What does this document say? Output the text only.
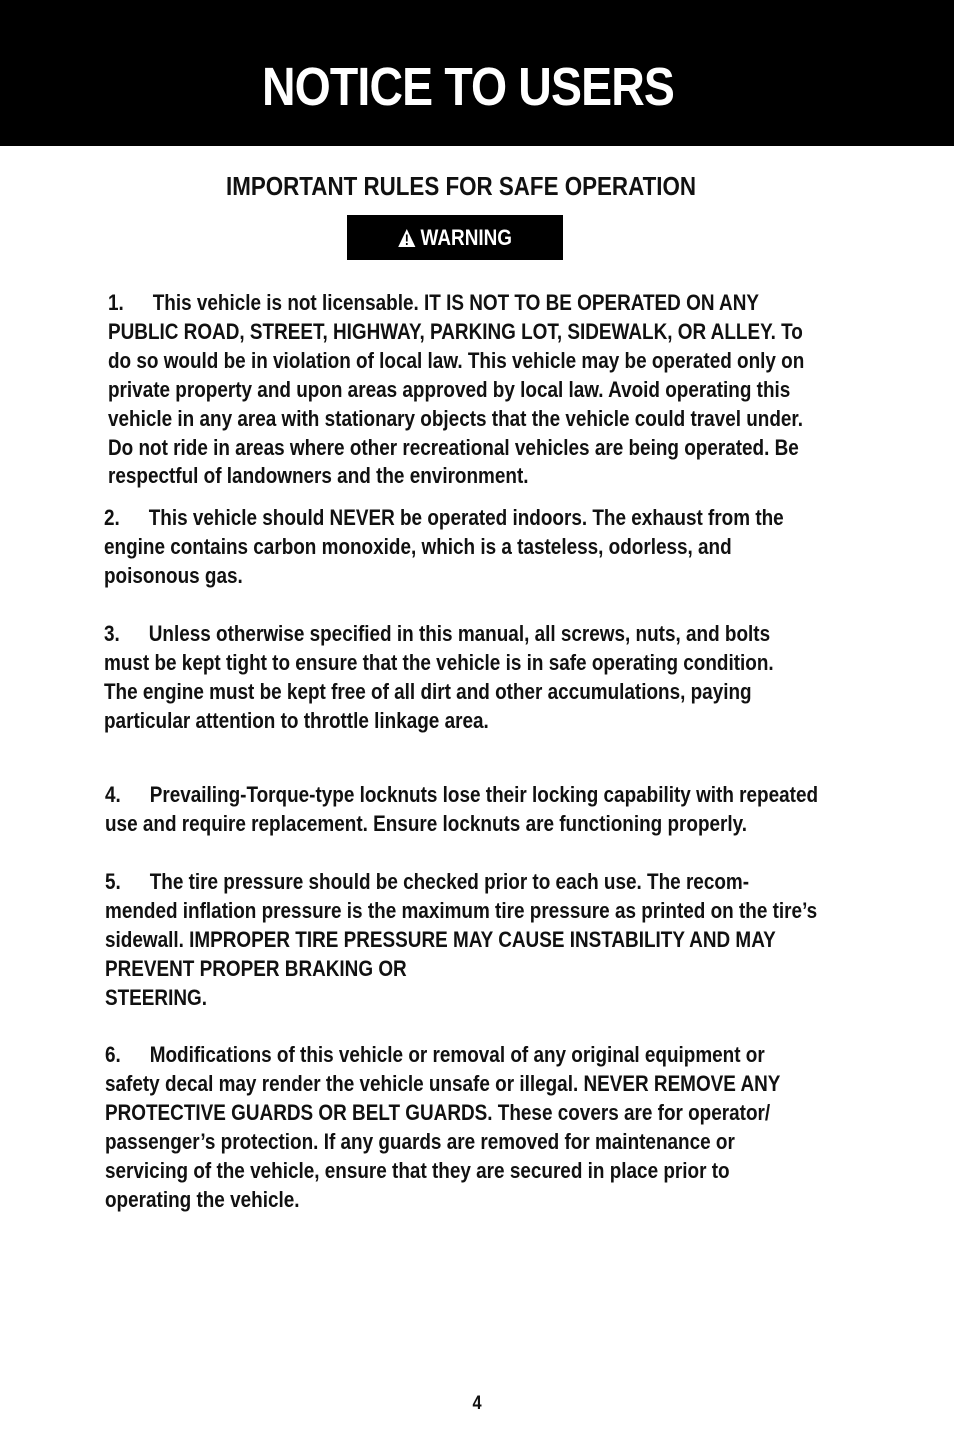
NOTICE TO USERS
IMPORTANT RULES FOR SAFE OPERATION
WARNING

1. This vehicle is not licensable. IT IS NOT TO BE OPERATED ON ANY
PUBLIC ROAD, STREET, HIGHWAY, PARKING LOT, SIDEWALK, OR ALLEY. To
do so would be in violation of local law. This vehicle may be operated only on
private property and upon areas approved by local law. Avoid operating this
vehicle in any area with stationary objects that the vehicle could travel under.
Do not ride in areas where other recreational vehicles are being operated. Be
respectful of landowners and the environment.

2. This vehicle should NEVER be operated indoors. The exhaust from the
engine contains carbon monoxide, which is a tasteless, odorless, and
poisonous gas.

3. Unless otherwise specified in this manual, all screws, nuts, and bolts
must be kept tight to ensure that the vehicle is in safe operating condition.
The engine must be kept free of all dirt and other accumulations, paying
particular attention to throttle linkage area.

4. Prevailing-Torque-type locknuts lose their locking capability with repeated
use and require replacement. Ensure locknuts are functioning properly.

5. The tire pressure should be checked prior to each use. The recom-
mended inflation pressure is the maximum tire pressure as printed on the tire’s
sidewall. IMPROPER TIRE PRESSURE MAY CAUSE INSTABILITY AND MAY
PREVENT PROPER BRAKING OR
STEERING.

6. Modifications of this vehicle or removal of any original equipment or
safety decal may render the vehicle unsafe or illegal. NEVER REMOVE ANY
PROTECTIVE GUARDS OR BELT GUARDS. These covers are for operator/
passenger’s protection. If any guards are removed for maintenance or
servicing of the vehicle, ensure that they are secured in place prior to
operating the vehicle.

4
